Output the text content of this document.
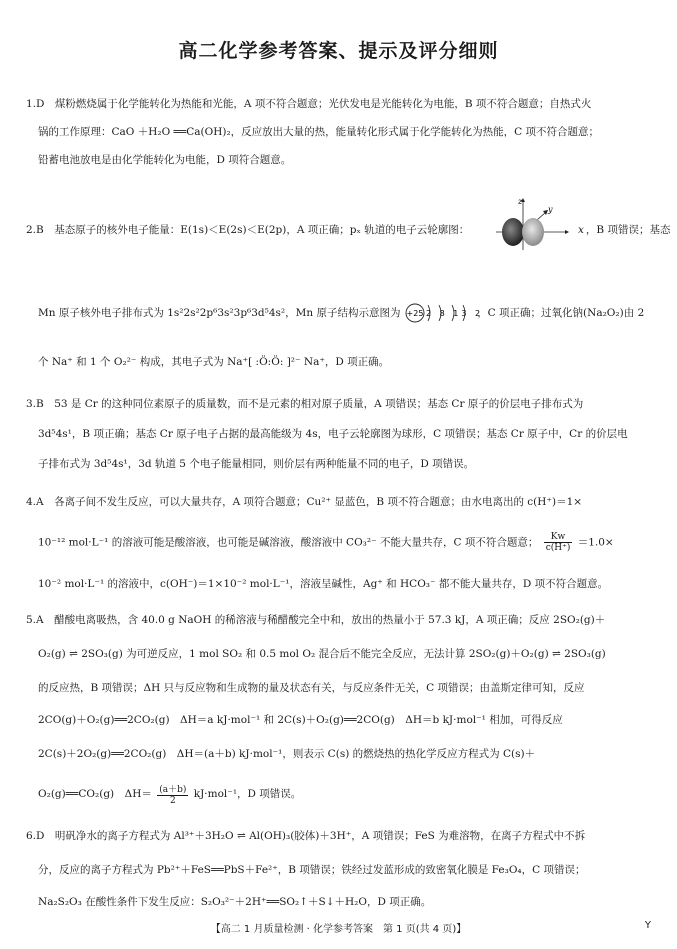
高二化学参考答案、提示及评分细则
1.D　煤粉燃烧属于化学能转化为热能和光能，A 项不符合题意；光伏发电是光能转化为电能，B 项不符合题意；自热式火
锅的工作原理：CaO ＋H₂O ══Ca(OH)₂，反应放出大量的热，能量转化形式属于化学能转化为热能，C 项不符合题意；
铅蓄电池放电是由化学能转化为电能，D 项符合题意。
2.B　基态原子的核外电子能量：E(1s)＜E(2s)＜E(2p)，A 项正确；pₓ 轨道的电子云轮廓图：
z
y
x ，B 项错误；基态
Mn 原子核外电子排布式为 1s²2s²2p⁶3s²3p⁶3d⁵4s²，Mn 原子结构示意图为 +25 2 8 13 2
，C 项正确；过氧化钠(Na₂O₂)由 2
个 Na⁺ 和 1 个 O₂²⁻ 构成，其电子式为 Na⁺[ :Ö:Ö: ]²⁻ Na⁺，D 项正确。
3.B　53 是 Cr 的这种同位素原子的质量数，而不是元素的相对原子质量，A 项错误；基态 Cr 原子的价层电子排布式为
3d⁵4s¹，B 项正确；基态 Cr 原子电子占据的最高能级为 4s，电子云轮廓图为球形，C 项错误；基态 Cr 原子中，Cr 的价层电
子排布式为 3d⁵4s¹，3d 轨道 5 个电子能量相同，则价层有两种能量不同的电子，D 项错误。
4.A　各离子间不发生反应，可以大量共存，A 项符合题意；Cu²⁺ 显蓝色，B 项不符合题意；由水电离出的 c(H⁺)＝1×
10⁻¹² mol·L⁻¹ 的溶液可能是酸溶液，也可能是碱溶液，酸溶液中 CO₃²⁻ 不能大量共存，C 项不符合题意； $\frac{Kw}{c(H^+)} =1.0\times$
10⁻² mol·L⁻¹ 的溶液中，c(OH⁻)＝1×10⁻² mol·L⁻¹，溶液呈碱性，Ag⁺ 和 HCO₃⁻ 都不能大量共存，D 项不符合题意。
5.A　醋酸电离吸热，含 40.0 g NaOH 的稀溶液与稀醋酸完全中和，放出的热量小于 57.3 kJ，A 项正确；反应 2SO₂(g)＋
O₂(g) ⇌ 2SO₃(g) 为可逆反应，1 mol SO₂ 和 0.5 mol O₂ 混合后不能完全反应，无法计算 2SO₂(g)＋O₂(g) ⇌ 2SO₃(g)
的反应热，B 项错误；ΔH 只与反应物和生成物的量及状态有关，与反应条件无关，C 项错误；由盖斯定律可知，反应
2CO(g)＋O₂(g)══2CO₂(g)　ΔH＝a kJ·mol⁻¹ 和 2C(s)＋O₂(g)══2CO(g)　ΔH＝b kJ·mol⁻¹ 相加，可得反应
2C(s)＋2O₂(g)══2CO₂(g)　ΔH＝(a＋b) kJ·mol⁻¹，则表示 C(s) 的燃烧热的热化学反应方程式为 C(s)＋
O₂(g)══CO₂(g)　$\Delta H= \frac{(a+b)}{2} kJ\cdot mol^{-1}$，D 项错误。
6.D　明矾净水的离子方程式为 Al³⁺＋3H₂O ⇌ Al(OH)₃(胶体)＋3H⁺，A 项错误；FeS 为难溶物，在离子方程式中不拆
分，反应的离子方程式为 Pb²⁺＋FeS══PbS＋Fe²⁺，B 项错误；铁经过发蓝形成的致密氧化膜是 Fe₃O₄，C 项错误；
Na₂S₂O₃ 在酸性条件下发生反应：S₂O₃²⁻＋2H⁺══SO₂↑＋S↓＋H₂O，D 项正确。
【高二 1 月质量检测 · 化学参考答案　第 1 页(共 4 页)】	Y
